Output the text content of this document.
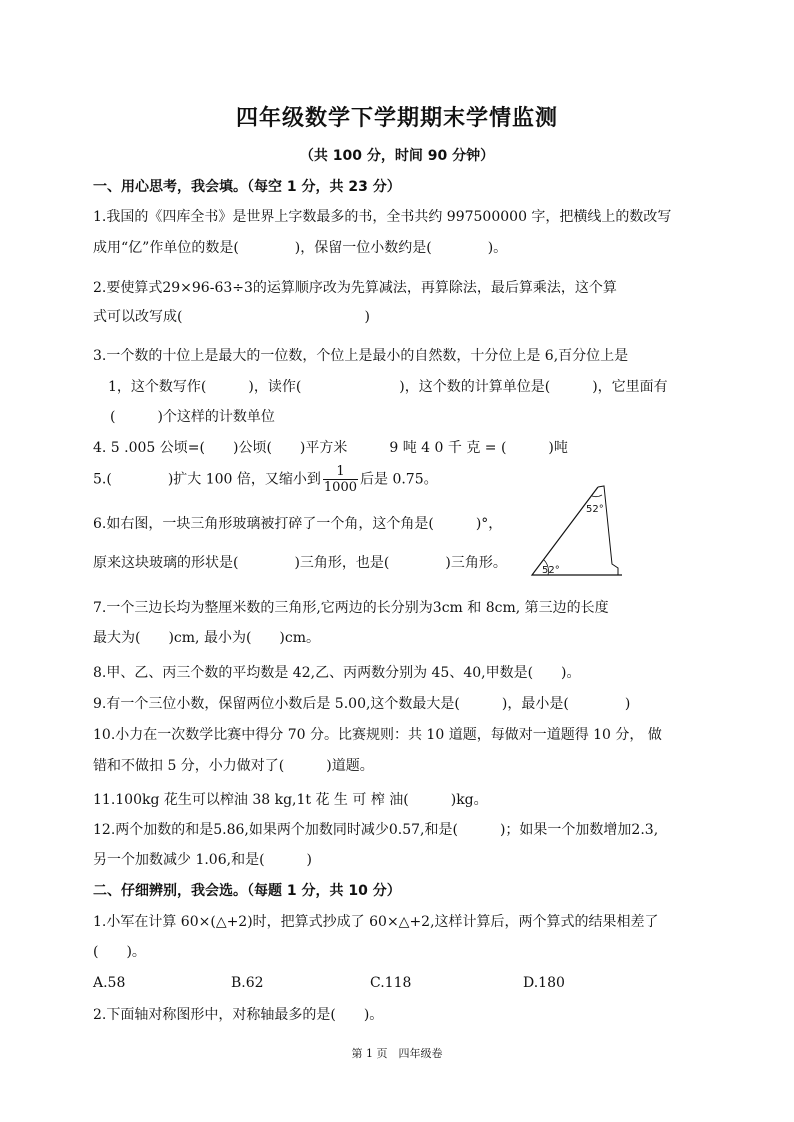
四年级数学下学期期末学情监测
（共 100 分，时间 90 分钟）
一、用心思考，我会填。（每空 1 分，共 23 分）
1.我国的《四库全书》是世界上字数最多的书，全书共约 997500000 字，把横线上的数改写
成用“亿”作单位的数是(　　　　)，保留一位小数约是(　　　　)。
2.要使算式29×96-63÷3的运算顺序改为先算减法，再算除法，最后算乘法，这个算
式可以改写成(　　　　　　　　　　　　　)
3.一个数的十位上是最大的一位数，个位上是最小的自然数，十分位上是 6,百分位上是
1，这个数写作(　　　)，读作(　　　　　　　)，这个数的计算单位是(　　　)，它里面有
(　　　)个这样的计数单位
4. 5 .005 公顷=(　　)公顷(　　)平方米　　　9 吨 4 0 千 克 = (　　　)吨
5.(　　　　)扩大 100 倍，又缩小到 $\frac{1}{1000}$ 后是 0.75。
6.如右图，一块三角形玻璃被打碎了一个角，这个角是(　　　)°，
原来这块玻璃的形状是(　　　　)三角形，也是(　　　　)三角形。
52°
52°
7.一个三边长均为整厘米数的三角形,它两边的长分别为3cm 和 8cm, 第三边的长度
最大为(　　)cm, 最小为(　　)cm。
8.甲、乙、丙三个数的平均数是 42,乙、丙两数分别为 45、40,甲数是(　　)。
9.有一个三位小数，保留两位小数后是 5.00,这个数最大是(　　　)，最小是(　　　　)
10.小力在一次数学比赛中得分 70 分。比赛规则：共 10 道题，每做对一道题得 10 分， 做
错和不做扣 5 分，小力做对了(　　　)道题。
11.100kg 花生可以榨油 38 kg,1t 花 生 可 榨 油(　　　)kg。
12.两个加数的和是5.86,如果两个加数同时减少0.57,和是(　　　)；如果一个加数增加2.3,
另一个加数减少 1.06,和是(　　　)
二、仔细辨别，我会选。（每题 1 分，共 10 分）
1.小军在计算 60×(△+2)时，把算式抄成了 60×△+2,这样计算后，两个算式的结果相差了
(　　)。
A.58	B.62	C.118	D.180
2.下面轴对称图形中，对称轴最多的是(　　)。
第 1 页　四年级卷
